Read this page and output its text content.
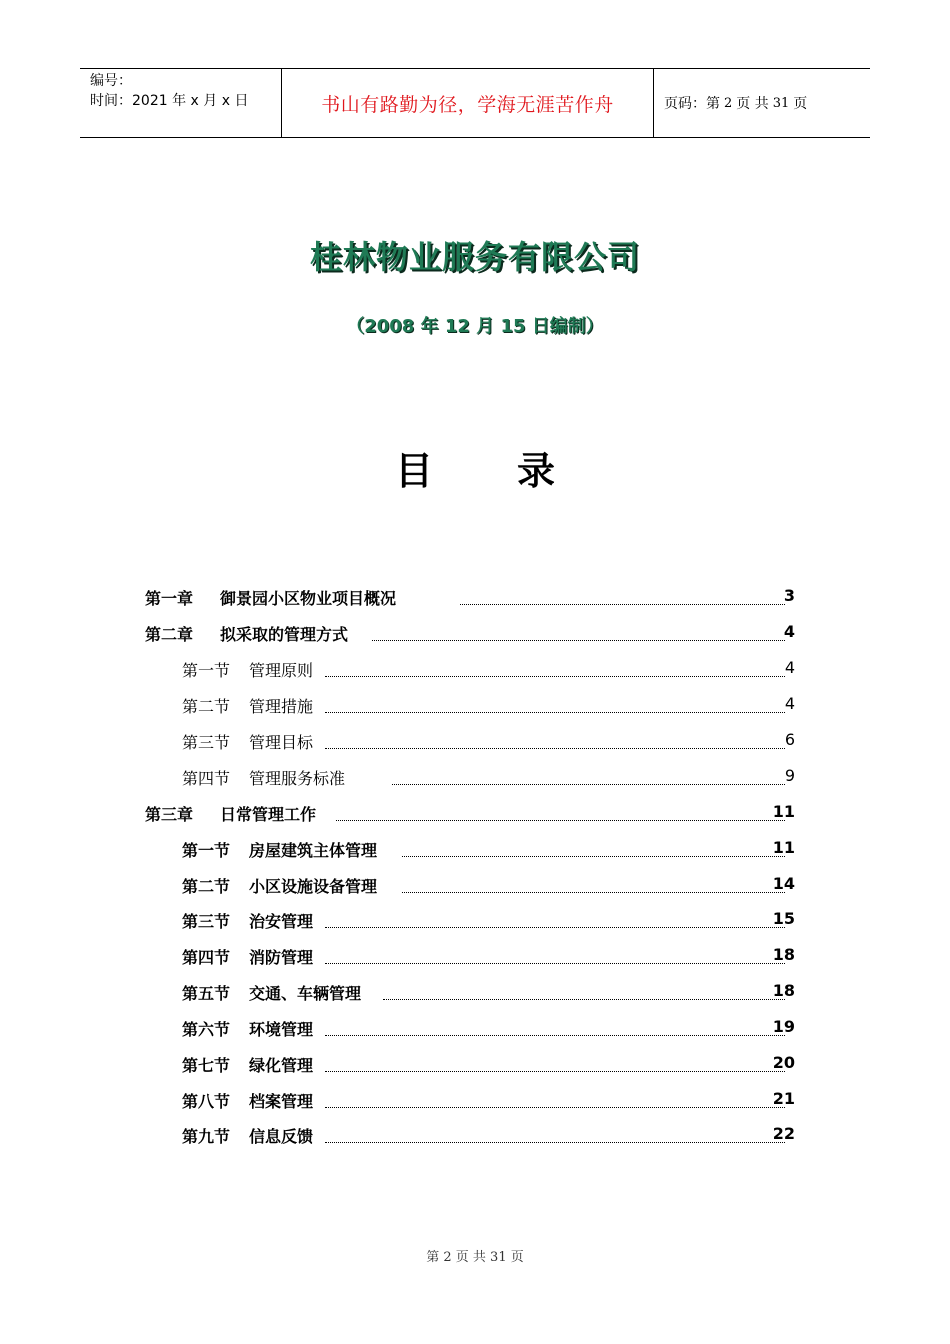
编号：
时间：2021 年 x 月 x 日	书山有路勤为径，学海无涯苦作舟	页码：第 2 页 共 31 页
桂林物业服务有限公司
（2008 年 12 月 15 日编制）
目 录
第一章 御景园小区物业项目概况	3
第二章 拟采取的管理方式	4
第一节 管理原则	4
第二节 管理措施	4
第三节 管理目标	6
第四节 管理服务标准	9
第三章 日常管理工作	11
第一节 房屋建筑主体管理	11
第二节 小区设施设备管理	14
第三节 治安管理	15
第四节 消防管理	18
第五节 交通、车辆管理	18
第六节 环境管理	19
第七节 绿化管理	20
第八节 档案管理	21
第九节 信息反馈	22
第 2 页 共 31 页
